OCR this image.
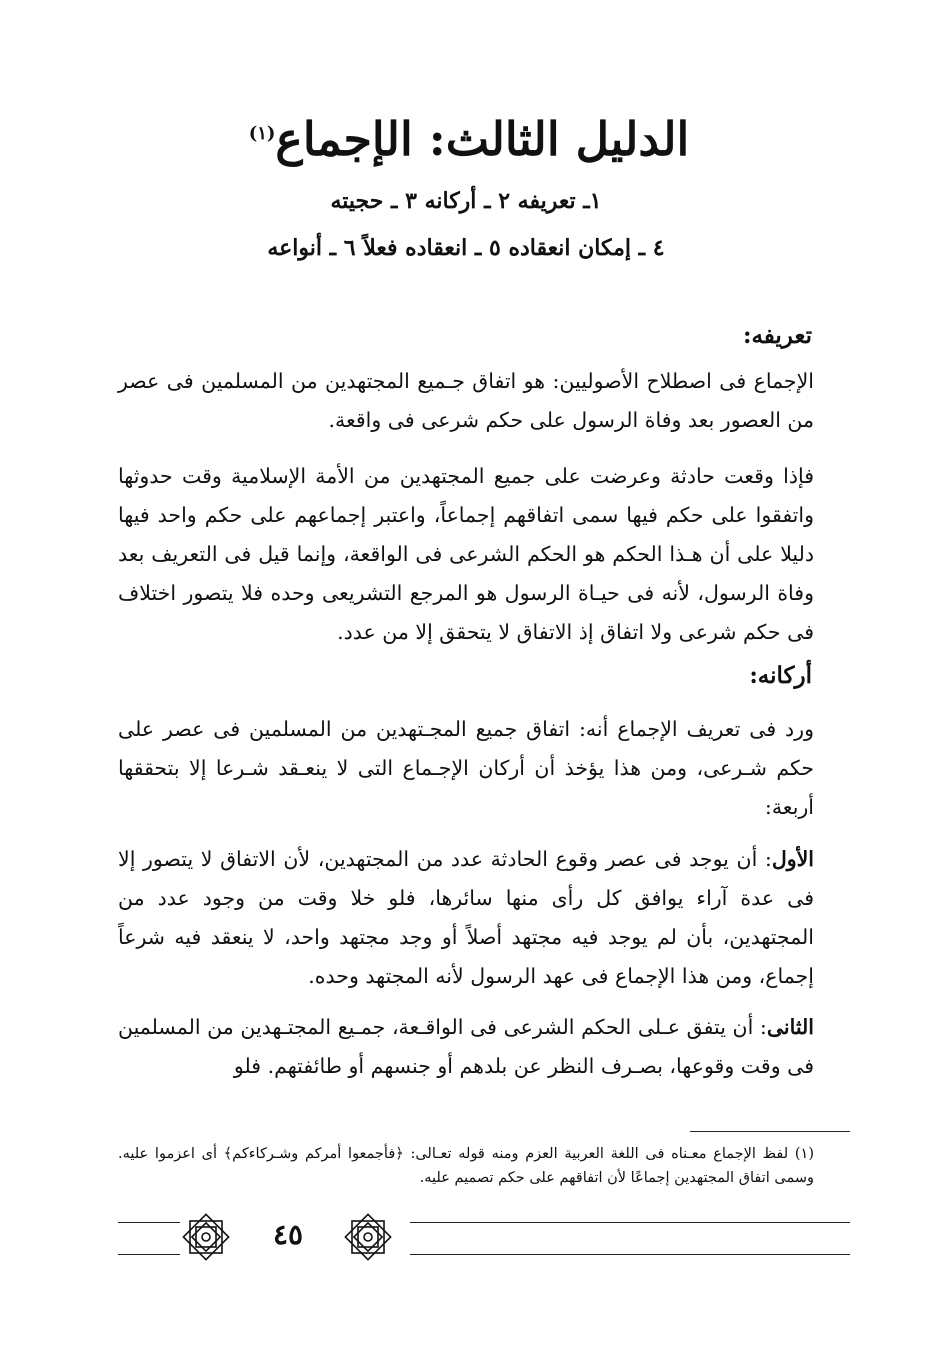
الدليل الثالث: الإجماع$^{(١)}$
١ـ تعريفه ٢ ـ أركانه ٣ ـ حجيته
٤ ـ إمكان انعقاده ٥ ـ انعقاده فعلاً ٦ ـ أنواعه
تعريفه:
الإجماع فى اصطلاح الأصوليين: هو اتفاق جـميع المجتهدين من المسلمين فى عصر من العصور بعد وفاة الرسول على حكم شرعى فى واقعة.
فإذا وقعت حادثة وعرضت على جميع المجتهدين من الأمة الإسلامية وقت حدوثها واتفقوا على حكم فيها سمى اتفاقهم إجماعاً، واعتبر إجماعهم على حكم واحد فيها دليلا على أن هـذا الحكم هو الحكم الشرعى فى الواقعة، وإنما قيل فى التعريف بعد وفاة الرسول، لأنه فى حيـاة الرسول هو المرجع التشريعى وحده فلا يتصور اختلاف فى حكم شرعى ولا اتفاق إذ الاتفاق لا يتحقق إلا من عدد.
أركانه:
ورد فى تعريف الإجماع أنه: اتفاق جميع المجـتهدين من المسلمين فى عصر على حكم شـرعى، ومن هذا يؤخذ أن أركان الإجـماع التى لا ينعـقد شـرعا إلا بتحققها أربعة:
الأول: أن يوجد فى عصر وقوع الحادثة عدد من المجتهدين، لأن الاتفاق لا يتصور إلا فى عدة آراء يوافق كل رأى منها سائرها، فلو خلا وقت من وجود عدد من المجتهدين، بأن لم يوجد فيه مجتهد أصلاً أو وجد مجتهد واحد، لا ينعقد فيه شرعاً إجماع، ومن هذا الإجماع فى عهد الرسول لأنه المجتهد وحده.
الثانى: أن يتفق عـلى الحكم الشرعى فى الواقـعة، جمـيع المجتـهدين من المسلمين فى وقت وقوعها، بصـرف النظر عن بلدهم أو جنسهم أو طائفتهم. فلو
(١) لفظ الإجماع معـناه فى اللغة العربية العزم ومنه قوله تعـالى: ﴿فأجمعوا أمركم وشـركاءكم﴾ أى اعزموا عليه. وسمى اتفاق المجتهدين إجماعًا لأن اتفاقهم على حكم تصميم عليه.
٤٥
